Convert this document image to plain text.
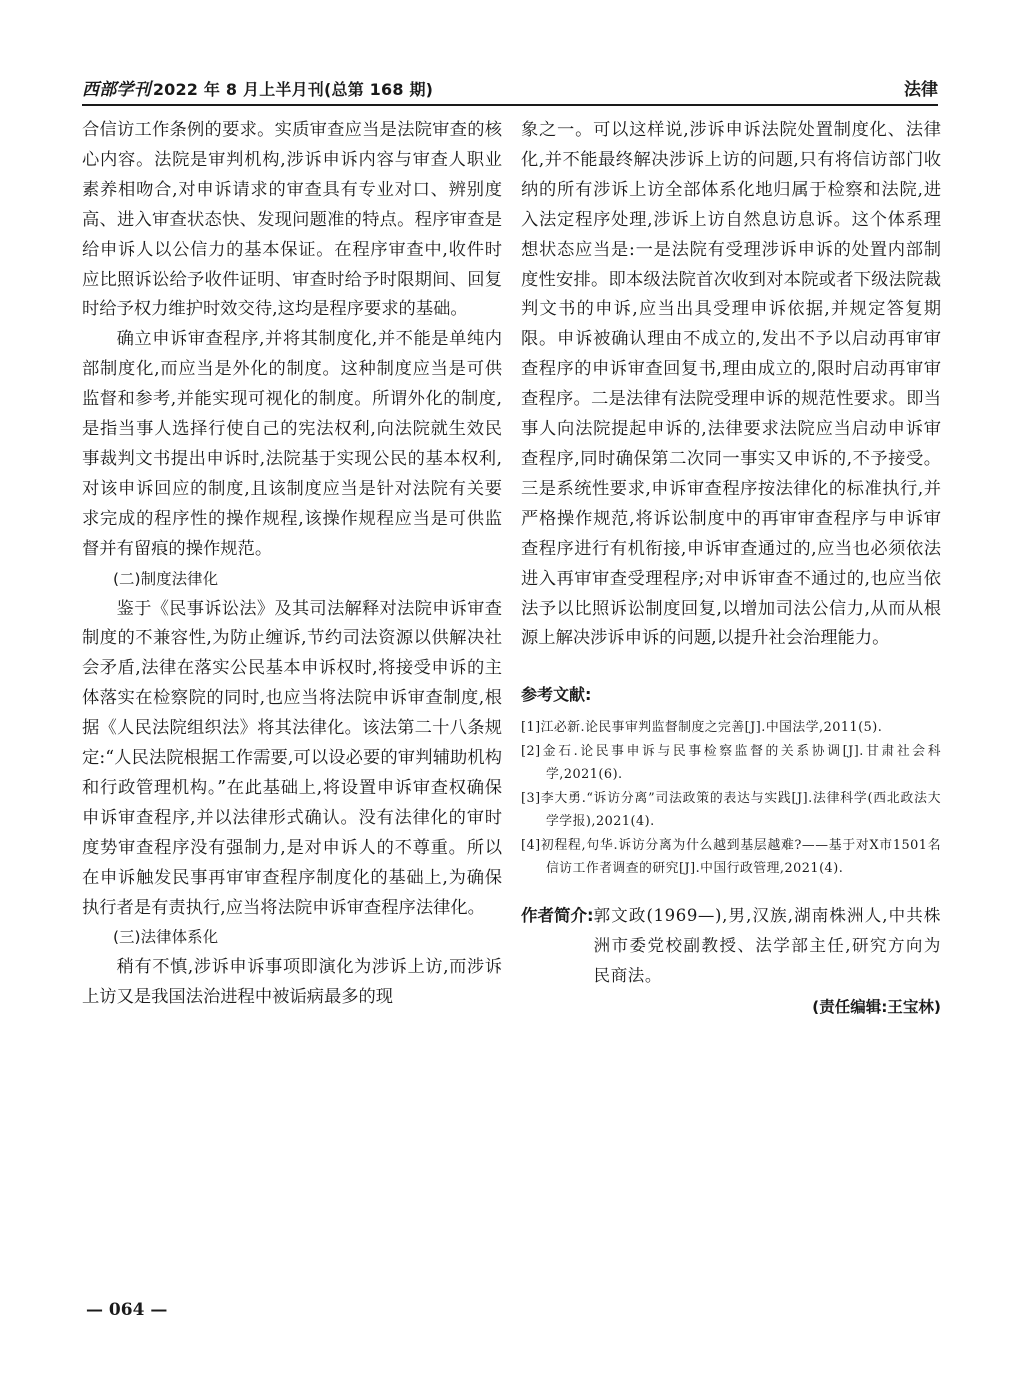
西部学刊 2022 年 8 月上半月刊(总第 168 期)	法律

合信访工作条例的要求。实质审查应当是法院审查的核心内容。法院是审判机构,涉诉申诉内容与审查人职业素养相吻合,对申诉请求的审查具有专业对口、辨别度高、进入审查状态快、发现问题准的特点。程序审查是给申诉人以公信力的基本保证。在程序审查中,收件时应比照诉讼给予收件证明、审查时给予时限期间、回复时给予权力维护时效交待,这均是程序要求的基础。

确立申诉审查程序,并将其制度化,并不能是单纯内部制度化,而应当是外化的制度。这种制度应当是可供监督和参考,并能实现可视化的制度。所谓外化的制度,是指当事人选择行使自己的宪法权利,向法院就生效民事裁判文书提出申诉时,法院基于实现公民的基本权利,对该申诉回应的制度,且该制度应当是针对法院有关要求完成的程序性的操作规程,该操作规程应当是可供监督并有留痕的操作规范。

(二)制度法律化

鉴于《民事诉讼法》及其司法解释对法院申诉审查制度的不兼容性,为防止缠诉,节约司法资源以供解决社会矛盾,法律在落实公民基本申诉权时,将接受申诉的主体落实在检察院的同时,也应当将法院申诉审查制度,根据《人民法院组织法》将其法律化。该法第二十八条规定:“人民法院根据工作需要,可以设必要的审判辅助机构和行政管理机构。”在此基础上,将设置申诉审查权确保申诉审查程序,并以法律形式确认。没有法律化的审时度势审查程序没有强制力,是对申诉人的不尊重。所以在申诉触发民事再审审查程序制度化的基础上,为确保执行者是有责执行,应当将法院申诉审查程序法律化。

(三)法律体系化

稍有不慎,涉诉申诉事项即演化为涉诉上访,而涉诉上访又是我国法治进程中被诟病最多的现

象之一。可以这样说,涉诉申诉法院处置制度化、法律化,并不能最终解决涉诉上访的问题,只有将信访部门收纳的所有涉诉上访全部体系化地归属于检察和法院,进入法定程序处理,涉诉上访自然息访息诉。这个体系理想状态应当是:一是法院有受理涉诉申诉的处置内部制度性安排。即本级法院首次收到对本院或者下级法院裁判文书的申诉,应当出具受理申诉依据,并规定答复期限。申诉被确认理由不成立的,发出不予以启动再审审查程序的申诉审查回复书,理由成立的,限时启动再审审查程序。二是法律有法院受理申诉的规范性要求。即当事人向法院提起申诉的,法律要求法院应当启动申诉审查程序,同时确保第二次同一事实又申诉的,不予接受。三是系统性要求,申诉审查程序按法律化的标准执行,并严格操作规范,将诉讼制度中的再审审查程序与申诉审查程序进行有机衔接,申诉审查通过的,应当也必须依法进入再审审查受理程序;对申诉审查不通过的,也应当依法予以比照诉讼制度回复,以增加司法公信力,从而从根源上解决涉诉申诉的问题,以提升社会治理能力。

参考文献:
[1]江必新.论民事审判监督制度之完善[J].中国法学,2011(5).
[2]金石.论民事申诉与民事检察监督的关系协调[J].甘肃社会科学,2021(6).
[3]李大勇.“诉访分离”司法政策的表达与实践[J].法律科学(西北政法大学学报),2021(4).
[4]初程程,句华.诉访分离为什么越到基层越难?——基于对X市1501名信访工作者调查的研究[J].中国行政管理,2021(4).
作者简介: 郭文政(1969—),男,汉族,湖南株洲人,中共株洲市委党校副教授、法学部主任,研究方向为民商法。
(责任编辑:王宝林)
— 064 —
